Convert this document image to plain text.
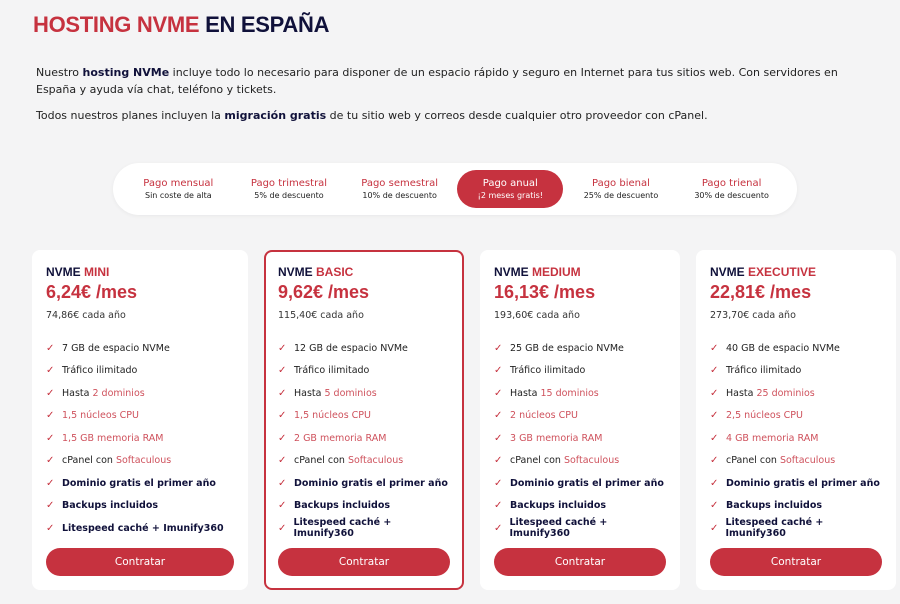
HOSTING NVME EN ESPAÑA

Nuestro hosting NVMe incluye todo lo necesario para disponer de un espacio rápido y seguro en Internet para tus sitios web. Con servidores en España y ayuda vía chat, teléfono y tickets.

Todos nuestros planes incluyen la migración gratis de tu sitio web y correos desde cualquier otro proveedor con cPanel.

Pago mensual
Sin coste de alta
Pago trimestral
5% de descuento
Pago semestral
10% de descuento
Pago anual
¡2 meses gratis!
Pago bienal
25% de descuento
Pago trienal
30% de descuento
NVME MINI
6,24€ /mes
74,86€ cada año
✓ 7 GB de espacio NVMe
✓ Tráfico ilimitado
✓ Hasta 2 dominios
✓ 1,5 núcleos CPU
✓ 1,5 GB memoria RAM
✓ cPanel con Softaculous
✓ Dominio gratis el primer año
✓ Backups incluidos
✓ Litespeed caché + Imunify360
Contratar
NVME BASIC
9,62€ /mes
115,40€ cada año
✓ 12 GB de espacio NVMe
✓ Tráfico ilimitado
✓ Hasta 5 dominios
✓ 1,5 núcleos CPU
✓ 2 GB memoria RAM
✓ cPanel con Softaculous
✓ Dominio gratis el primer año
✓ Backups incluidos
✓ Litespeed caché + Imunify360
Contratar
NVME MEDIUM
16,13€ /mes
193,60€ cada año
✓ 25 GB de espacio NVMe
✓ Tráfico ilimitado
✓ Hasta 15 dominios
✓ 2 núcleos CPU
✓ 3 GB memoria RAM
✓ cPanel con Softaculous
✓ Dominio gratis el primer año
✓ Backups incluidos
✓ Litespeed caché + Imunify360
Contratar
NVME EXECUTIVE
22,81€ /mes
273,70€ cada año
✓ 40 GB de espacio NVMe
✓ Tráfico ilimitado
✓ Hasta 25 dominios
✓ 2,5 núcleos CPU
✓ 4 GB memoria RAM
✓ cPanel con Softaculous
✓ Dominio gratis el primer año
✓ Backups incluidos
✓ Litespeed caché + Imunify360
Contratar
